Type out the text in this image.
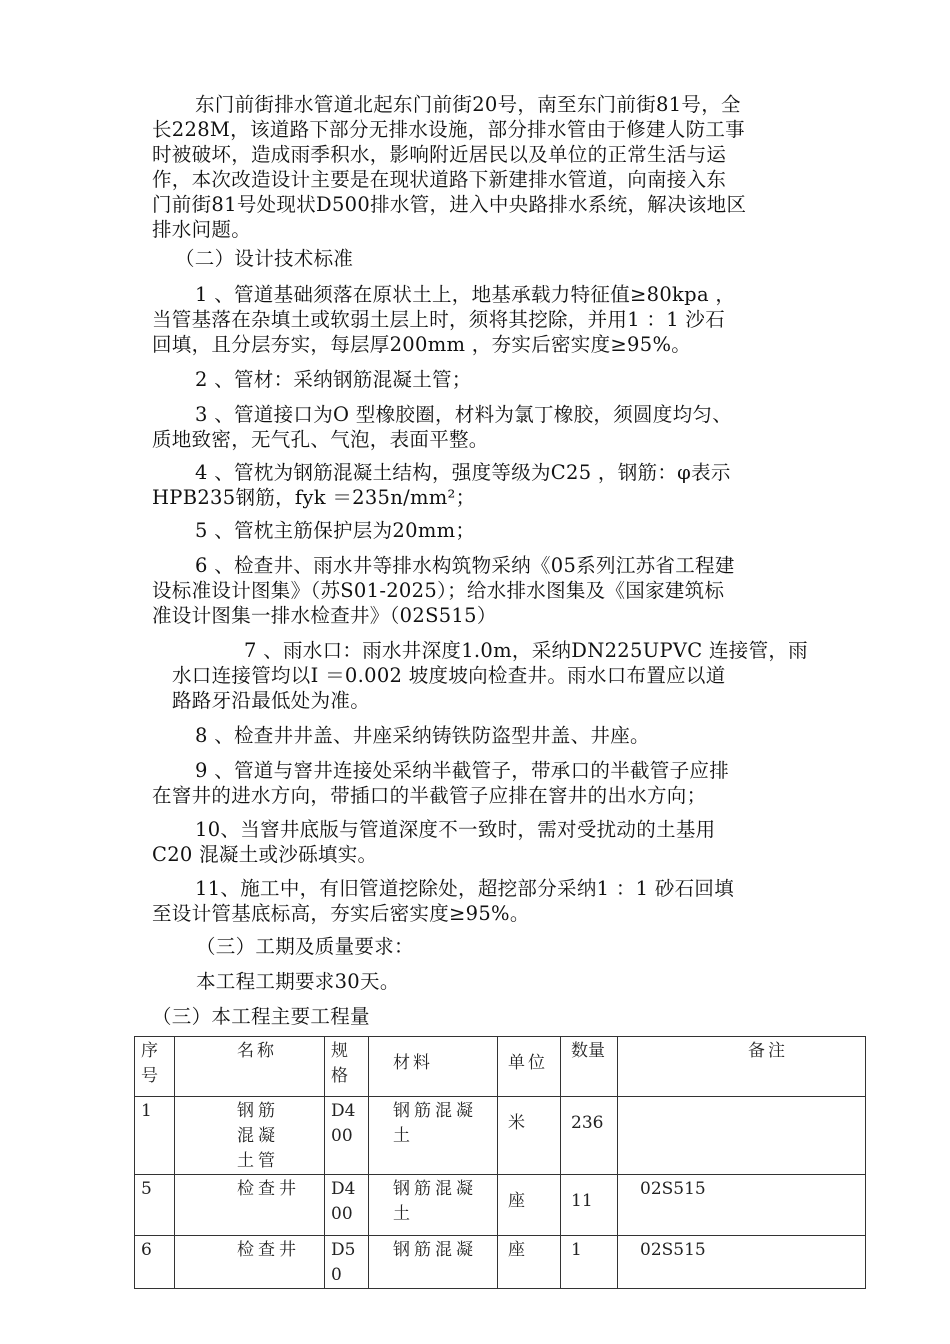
东门前街排水管道北起东门前街20号，南至东门前街81号，全
长228M，该道路下部分无排水设施，部分排水管由于修建人防工事
时被破坏，造成雨季积水，影响附近居民以及单位的正常生活与运
作，本次改造设计主要是在现状道路下新建排水管道，向南接入东
门前街81号处现状D500排水管，进入中央路排水系统，解决该地区
排水问题。
（二）设计技术标准
1 、管道基础须落在原状土上，地基承载力特征值≥80kpa ，
当管基落在杂填土或软弱土层上时，须将其挖除，并用1 ：1 沙石
回填，且分层夯实，每层厚200mm ，夯实后密实度≥95%。
2 、管材：采纳钢筋混凝土管；
3 、管道接口为O 型橡胶圈，材料为氯丁橡胶，须圆度均匀、
质地致密，无气孔、气泡，表面平整。
4 、管枕为钢筋混凝土结构，强度等级为C25 ，钢筋：φ表示
HPB235钢筋，fyk ＝235n/mm²；
5 、管枕主筋保护层为20mm；
6 、检查井、雨水井等排水构筑物采纳《05系列江苏省工程建
设标准设计图集》（苏S01-2025）；给水排水图集及《国家建筑标
准设计图集一排水检查井》（02S515）
7 、雨水口：雨水井深度1.0m，采纳DN225UPVC 连接管，雨
水口连接管均以I ＝0.002 坡度坡向检查井。雨水口布置应以道
路路牙沿最低处为准。
8 、检查井井盖、井座采纳铸铁防盗型井盖、井座。
9 、管道与窨井连接处采纳半截管子，带承口的半截管子应排
在窨井的进水方向，带插口的半截管子应排在窨井的出水方向；
10、当窨井底版与管道深度不一致时，需对受扰动的土基用
C20 混凝土或沙砾填实。
11、施工中，有旧管道挖除处，超挖部分采纳1 ：1 砂石回填
至设计管基底标高，夯实后密实度≥95%。
（三）工期及质量要求：
本工程工期要求30天。
（三）本工程主要工程量
序号	名称	规格	材料	单位	数量	备注
1	钢筋混凝土管	D400	钢筋混凝土	米	236	
5	检查井	D400	钢筋混凝土	座	11	02S515
6	检查井	D50	钢筋混凝	座	1	02S515
